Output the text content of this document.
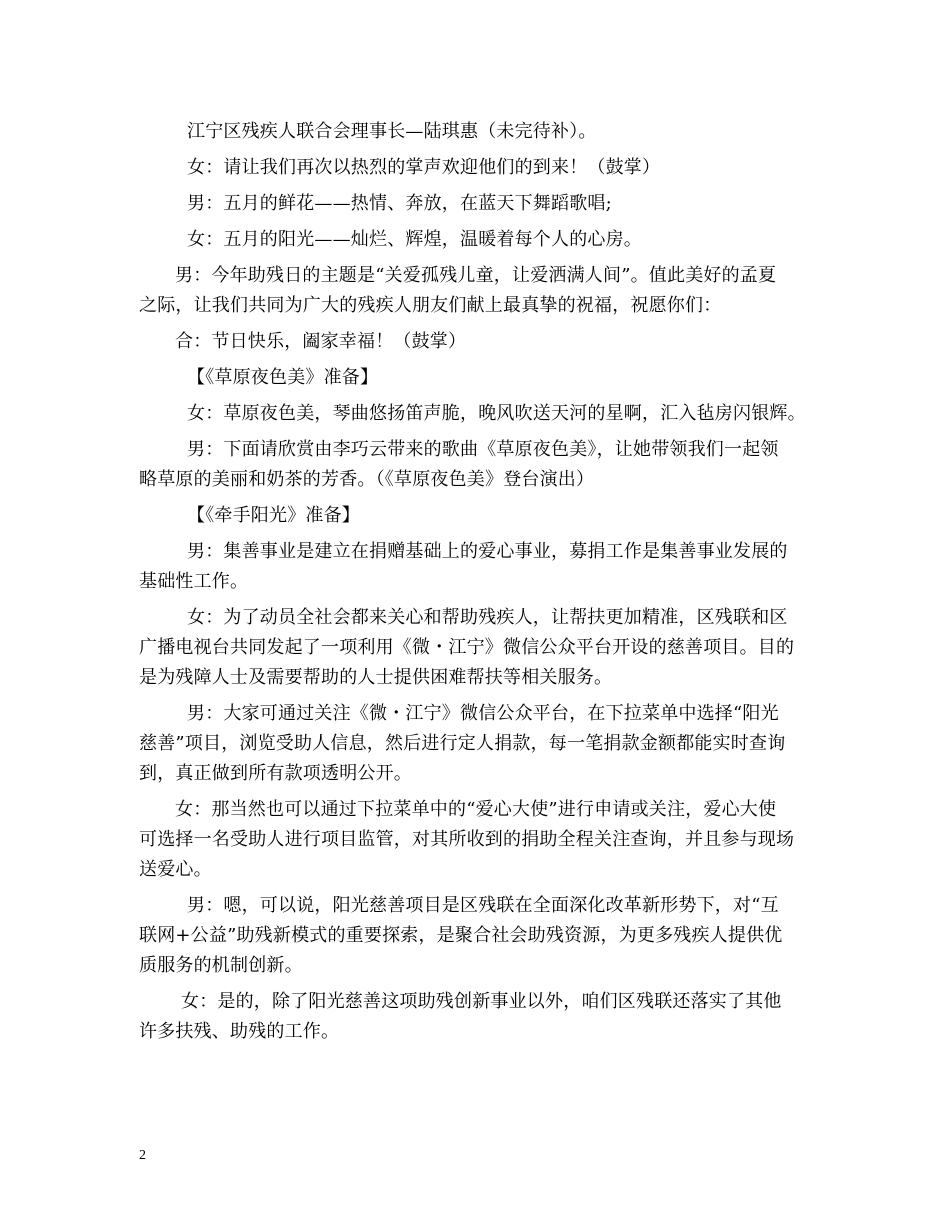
江宁区残疾人联合会理事长—陆琪惠（未完待补）。
女：请让我们再次以热烈的掌声欢迎他们的到来！（鼓掌）
男：五月的鲜花——热情、奔放，在蓝天下舞蹈歌唱;
女：五月的阳光——灿烂、辉煌，温暖着每个人的心房。
男：今年助残日的主题是“关爱孤残儿童，让爱洒满人间”。值此美好的孟夏
之际，让我们共同为广大的残疾人朋友们献上最真挚的祝福，祝愿你们：
合：节日快乐，阖家幸福！（鼓掌）
【《草原夜色美》准备】
女：草原夜色美，琴曲悠扬笛声脆，晚风吹送天河的星啊，汇入毡房闪银辉。
男：下面请欣赏由李巧云带来的歌曲《草原夜色美》，让她带领我们一起领
略草原的美丽和奶茶的芳香。（《草原夜色美》登台演出）
【《牵手阳光》准备】
男：集善事业是建立在捐赠基础上的爱心事业，募捐工作是集善事业发展的
基础性工作。
女：为了动员全社会都来关心和帮助残疾人，让帮扶更加精准，区残联和区
广播电视台共同发起了一项利用《微・江宁》微信公众平台开设的慈善项目。目的
是为残障人士及需要帮助的人士提供困难帮扶等相关服务。
男：大家可通过关注《微・江宁》微信公众平台，在下拉菜单中选择“阳光
慈善”项目，浏览受助人信息，然后进行定人捐款，每一笔捐款金额都能实时查询
到，真正做到所有款项透明公开。
女：那当然也可以通过下拉菜单中的“爱心大使”进行申请或关注，爱心大使
可选择一名受助人进行项目监管，对其所收到的捐助全程关注查询，并且参与现场
送爱心。
男：嗯，可以说，阳光慈善项目是区残联在全面深化改革新形势下，对“互
联网+公益”助残新模式的重要探索，是聚合社会助残资源，为更多残疾人提供优
质服务的机制创新。
女：是的，除了阳光慈善这项助残创新事业以外，咱们区残联还落实了其他
许多扶残、助残的工作。
2
